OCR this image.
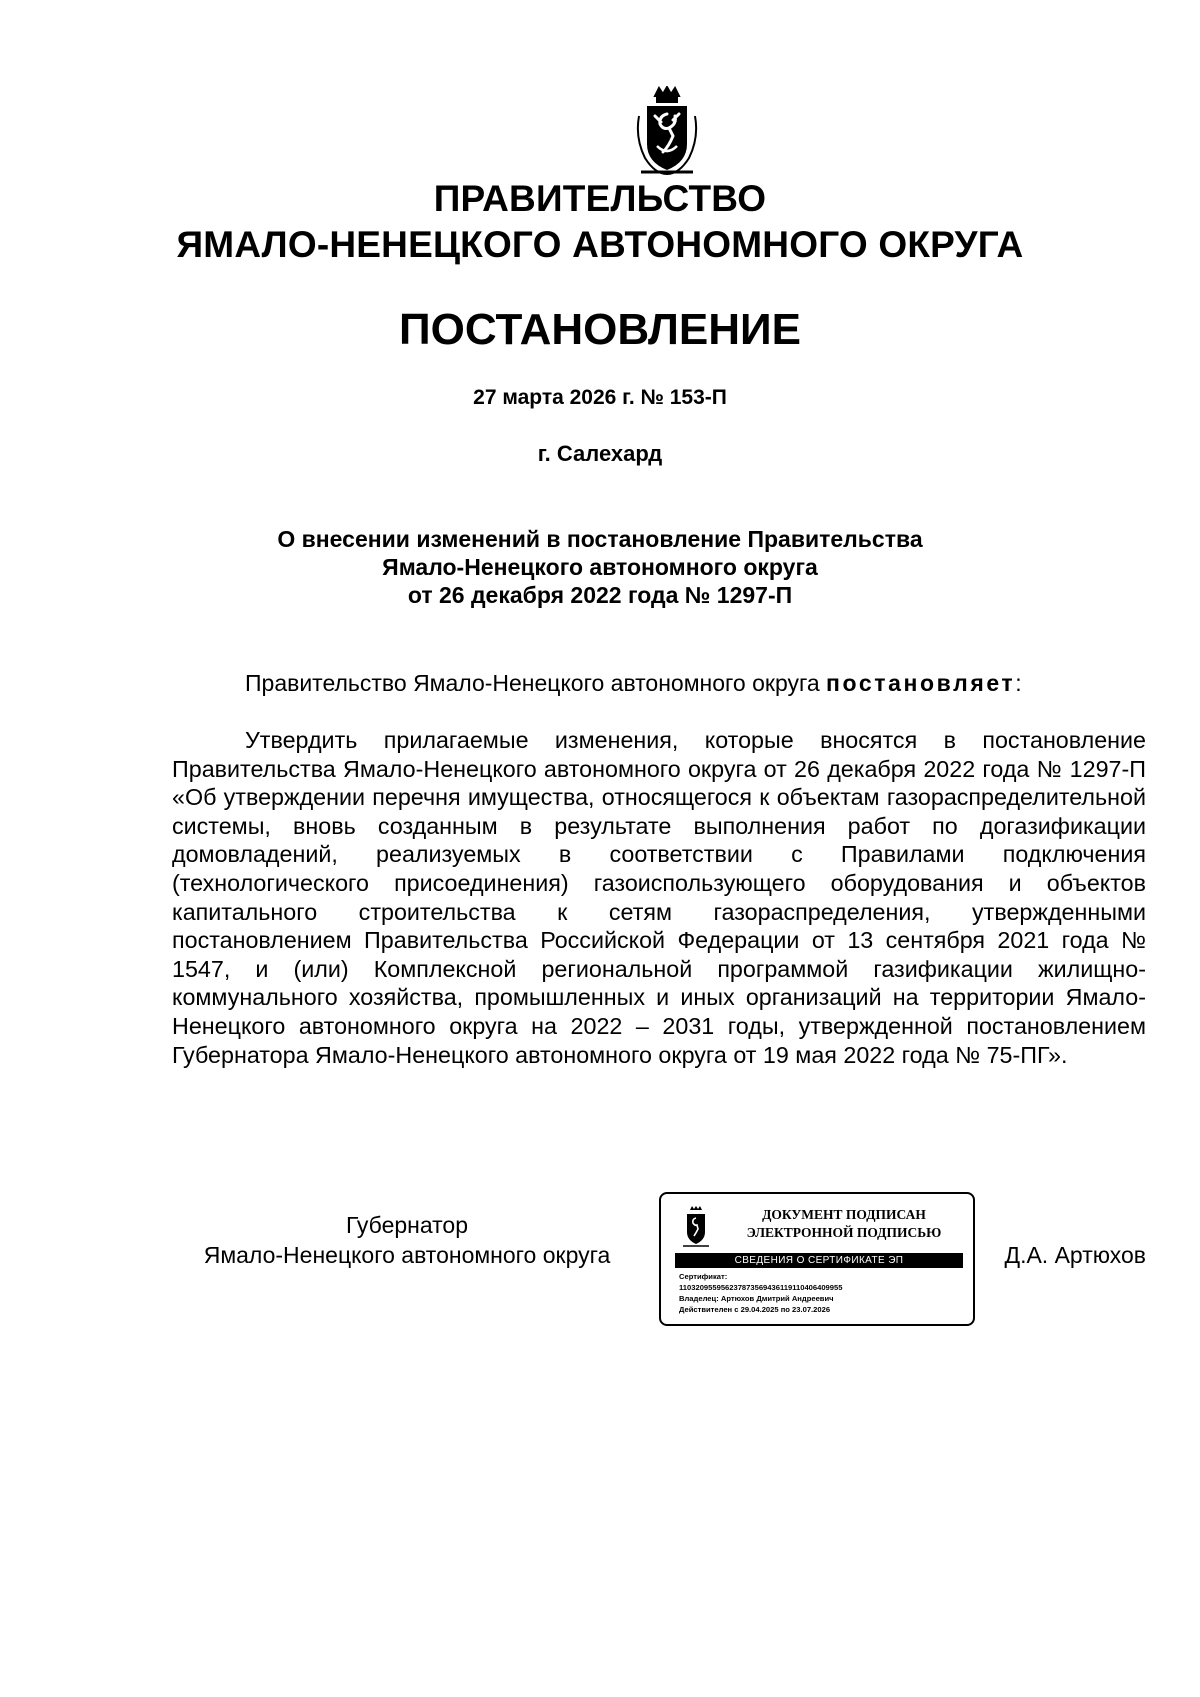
ПРАВИТЕЛЬСТВО
ЯМАЛО-НЕНЕЦКОГО АВТОНОМНОГО ОКРУГА
ПОСТАНОВЛЕНИЕ
27 марта 2026 г. № 153-П
г. Салехард
О внесении изменений в постановление Правительства
Ямало-Ненецкого автономного округа
от 26 декабря 2022 года № 1297-П
Правительство Ямало-Ненецкого автономного округа постановляет:
Утвердить прилагаемые изменения, которые вносятся в постановление Правительства Ямало-Ненецкого автономного округа от 26 декабря 2022 года № 1297-П «Об утверждении перечня имущества, относящегося к объектам газораспределительной системы, вновь созданным в результате выполнения работ по догазификации домовладений, реализуемых в соответствии с Правилами подключения (технологического присоединения) газоиспользующего оборудования и объектов капитального строительства к сетям газораспределения, утвержденными постановлением Правительства Российской Федерации от 13 сентября 2021 года № 1547, и (или) Комплексной региональной программой газификации жилищно-коммунального хозяйства, промышленных и иных организаций на территории Ямало-Ненецкого автономного округа на 2022 – 2031 годы, утвержденной постановлением Губернатора Ямало-Ненецкого автономного округа от 19 мая 2022 года № 75-ПГ».
Губернатор
Ямало-Ненецкого автономного округа
ДОКУМЕНТ ПОДПИСАН
ЭЛЕКТРОННОЙ ПОДПИСЬЮ
СВЕДЕНИЯ О СЕРТИФИКАТЕ ЭП
Сертификат:
110320955956237873569436119110406409955
Владелец: Артюхов Дмитрий Андреевич
Действителен с 29.04.2025 по 23.07.2026
Д.А. Артюхов
